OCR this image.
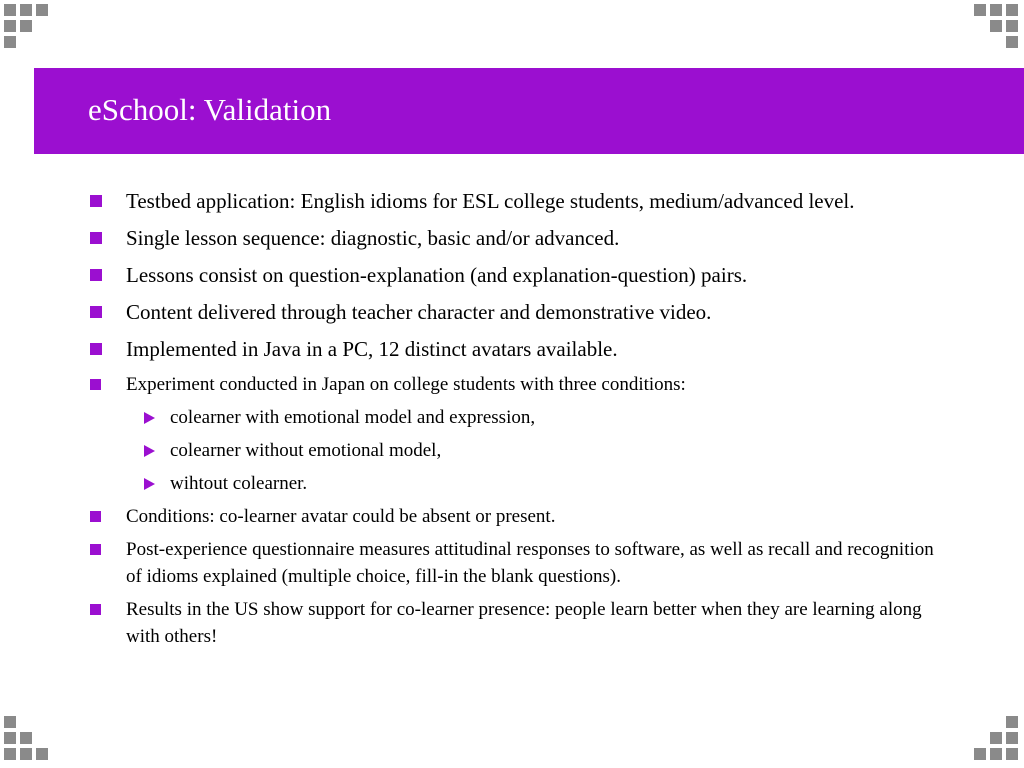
eSchool: Validation
Testbed application: English idioms for ESL college students, medium/advanced level.
Single lesson sequence: diagnostic, basic and/or advanced.
Lessons consist on question-explanation (and explanation-question) pairs.
Content delivered through teacher character and demonstrative video.
Implemented in Java in a PC, 12 distinct avatars available.
Experiment conducted in Japan on college students with three conditions:
colearner with emotional model and expression,
colearner without emotional model,
wihtout colearner.
Conditions: co-learner avatar could be absent or present.
Post-experience questionnaire measures attitudinal responses to software, as well as recall and recognition of idioms explained (multiple choice, fill-in the blank questions).
Results in the US show support for co-learner presence: people learn better when they are learning along with others!
